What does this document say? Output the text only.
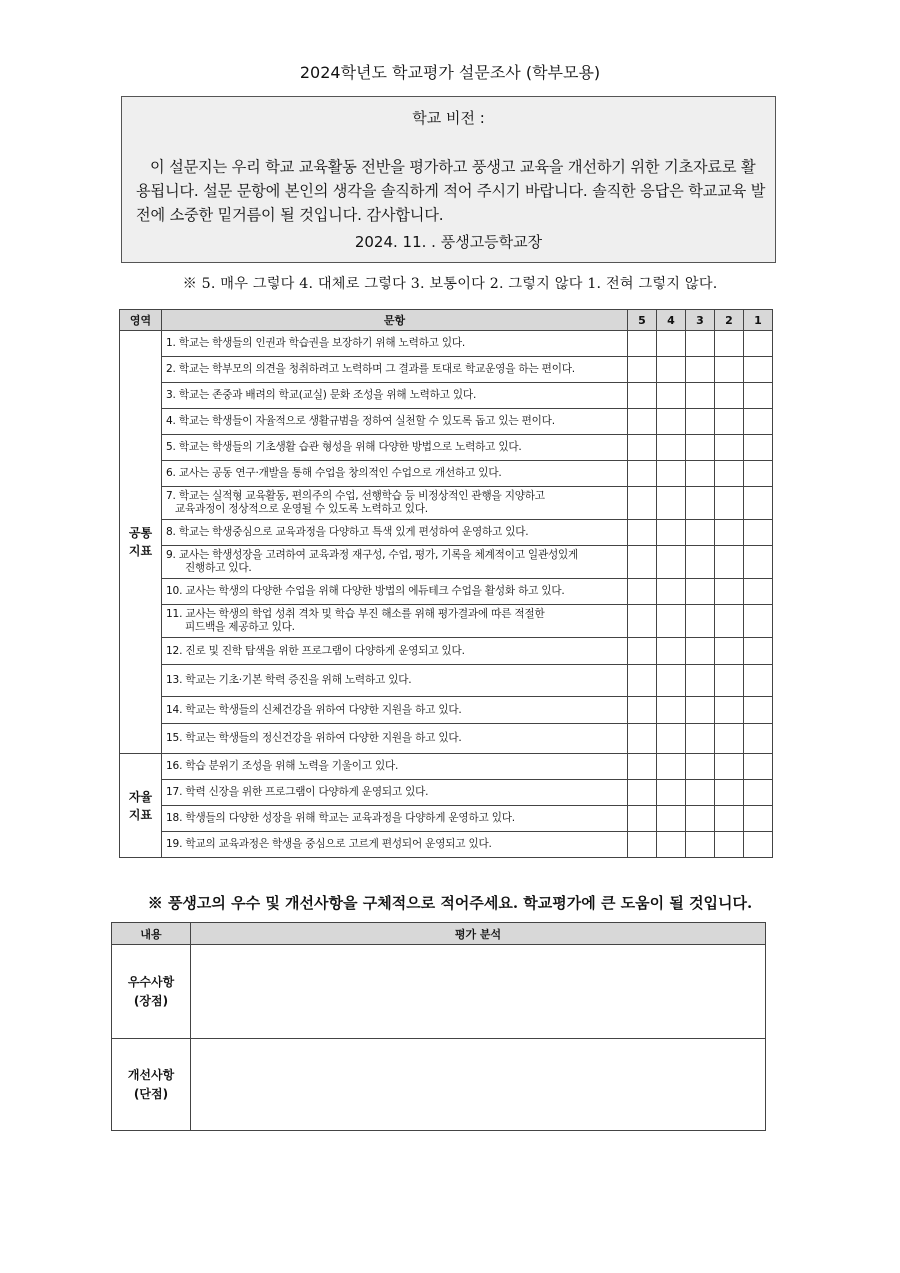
2024학년도 학교평가 설문조사 (학부모용)
학교 비전 :
이 설문지는 우리 학교 교육활동 전반을 평가하고 풍생고 교육을 개선하기 위한 기초자료로 활용됩니다. 설문 문항에 본인의 생각을 솔직하게 적어 주시기 바랍니다. 솔직한 응답은 학교교육 발전에 소중한 밑거름이 될 것입니다. 감사합니다.
2024. 11. . 풍생고등학교장
※ 5. 매우 그렇다 4. 대체로 그렇다 3. 보통이다 2. 그렇지 않다 1. 전혀 그렇지 않다.
영역	문항	5	4	3	2	1
공통
지표	1. 학교는 학생들의 인권과 학습권을 보장하기 위해 노력하고 있다.					
	2. 학교는 학부모의 의견을 청취하려고 노력하며 그 결과를 토대로 학교운영을 하는 편이다.					
	3. 학교는 존중과 배려의 학교(교실) 문화 조성을 위해 노력하고 있다.					
	4. 학교는 학생들이 자율적으로 생활규범을 정하여 실천할 수 있도록 돕고 있는 편이다.					
	5. 학교는 학생들의 기초생활 습관 형성을 위해 다양한 방법으로 노력하고 있다.					
	6. 교사는 공동 연구·개발을 통해 수업을 창의적인 수업으로 개선하고 있다.					
	7. 학교는 실적형 교육활동, 편의주의 수업, 선행학습 등 비정상적인 관행을 지양하고
교육과정이 정상적으로 운영될 수 있도록 노력하고 있다.					

	8. 학교는 학생중심으로 교육과정을 다양하고 특색 있게 편성하여 운영하고 있다.					
	9. 교사는 학생성장을 고려하여 교육과정 재구성, 수업, 평가, 기록을 체계적이고 일관성있게
진행하고 있다.					

	10. 교사는 학생의 다양한 수업을 위해 다양한 방법의 에듀테크 수업을 활성화 하고 있다.					
	11. 교사는 학생의 학업 성취 격차 및 학습 부진 해소를 위해 평가결과에 따른 적절한
피드백을 제공하고 있다.					

	12. 진로 및 진학 탐색을 위한 프로그램이 다양하게 운영되고 있다.					
	13. 학교는 기초·기본 학력 증진을 위해 노력하고 있다.					
	14. 학교는 학생들의 신체건강을 위하여 다양한 지원을 하고 있다.					
	15. 학교는 학생들의 정신건강을 위하여 다양한 지원을 하고 있다.					
자율
지표	16. 학습 분위기 조성을 위해 노력을 기울이고 있다.					
	17. 학력 신장을 위한 프로그램이 다양하게 운영되고 있다.					
	18. 학생들의 다양한 성장을 위해 학교는 교육과정을 다양하게 운영하고 있다.					
	19. 학교의 교육과정은 학생을 중심으로 고르게 편성되어 운영되고 있다.					
※ 풍생고의 우수 및 개선사항을 구체적으로 적어주세요. 학교평가에 큰 도움이 될 것입니다.
내용	평가 분석
우수사항
(장점)	
개선사항
(단점)	
